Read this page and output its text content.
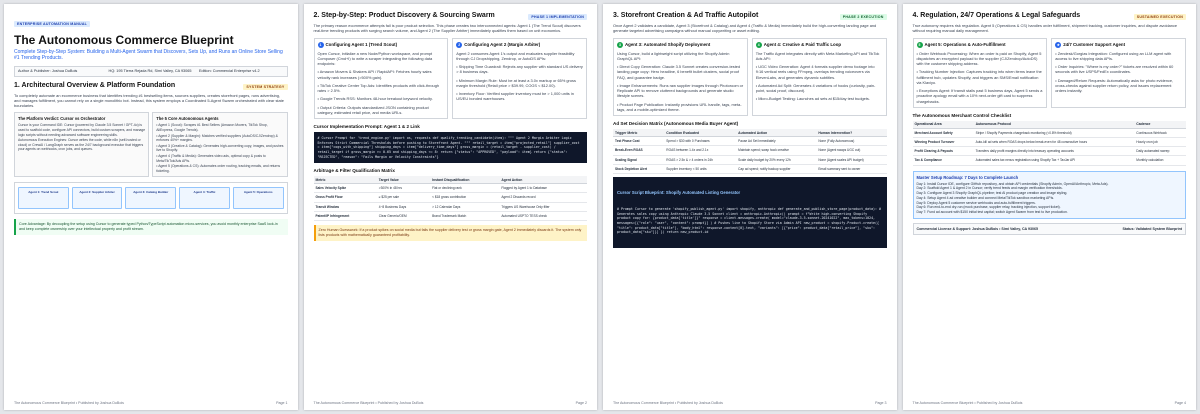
ENTERPRISE AUTOMATION MANUAL
The Autonomous Commerce Blueprint
Complete Step-by-Step System: Building a Multi-Agent Swarm that Discovers, Sets Up, and Runs an Online Store Selling #1 Trending Products.
Author & Publisher: Joshua DuBois	HQ: 195 Tierra Rejada Rd, Simi Valley, CA 93065	Edition: Commercial Enterprise v4.2
1. Architectural Overview & Platform Foundation	SYSTEM STRATEGY
To completely automate an ecommerce business that identifies trending #1 bestselling items, sources suppliers, creates storefront pages, runs advertising, and manages fulfillment, you cannot rely on a single monolithic bot. Instead, this system employs a Coordinated 5-Agent Swarm orchestrated with clear state boundaries.
The Platform Verdict: Cursor vs Orchestrator
Cursor is your Command IDE: Cursor (powered by Claude 3.5 Sonnet / GPT-4o) is used to scaffold code, configure API connectors, build custom scrapers, and manage logic scripts without needing advanced software engineering skills.
Autonomous Execution Engines: Cursor writes the code, while n8n (self-hosted or cloud) or CrewAI / LangGraph serves as the 24/7 background executor that triggers your agents on webhooks, cron jobs, and queues.
The 5 Core Autonomous Agents
• Agent 1 (Scout): Scrapes #1 Best Sellers (Amazon Movers, TikTok Shop, AliExpress, Google Trends).
• Agent 2 (Supplier & Margin): Matches verified suppliers (AutoDS/CJ/Zendrop) & enforces 40%+ margins.
• Agent 3 (Creative & Catalog): Generates high-converting copy, images, and pushes live to Shopify.
• Agent 4 (Traffic & Media): Generates video ads, optimal copy & posts to Meta/TikTok/Ads APIs.
• Agent 5 (Operations & CS): Automates order routing, tracking emails, and returns ticketing.
Agent 1: Trend Scout	Agent 2: Supplier Arbiter	Agent 3: Catalog Builder	Agent 4: Traffic	Agent 5: Operations
Core Advantage: By decoupling the setup using Cursor to generate typed Python/TypeScript automation micro-services, you avoid monthly enterprise SaaS lock-in and keep complete ownership over your intellectual property and profit stream.
The Autonomous Commerce Blueprint • Published by Joshua DuBois	Page 1
PHASE 1 IMPLEMENTATION
2. Step-by-Step: Product Discovery & Sourcing Swarm
The primary reason ecommerce attempts fail is poor product selection. This phase creates two interconnected agents: Agent 1 (The Trend Scout) discovers real-time trending products with surging search volume, and Agent 2 (The Supplier Arbiter) immediately qualifies them based on unit economics.
1 Configuring Agent 1 (Trend Scout)
Open Cursor, initialize a new Node/Python workspace, and prompt Composer (Cmd+I) to write a scraper integrating the following data endpoints:
• Amazon Movers & Shakers API / RapidAPI: Fetches hourly sales velocity rank increases (>500% gain).
• TikTok Creative Center Top Ads: Identifies products with click-through rates > 2.5%.
• Google Trends RSS: Monitors 48-hour breakout keyword velocity.
• Output Criteria: Outputs standardized JSON containing product category, estimated retail price, and media URLs.
2 Configuring Agent 2 (Margin Arbiter)
Agent 2 consumes Agent 1's output and evaluates supplier feasibility through CJ Dropshipping, Zendrop, or AutoDS APIs:
• Shipping Time Guardrail: Rejects any supplier with standard US delivery > 8 business days.
• Minimum Margin Rule: Must be at least a 3.0x markup or 65% gross margin threshold (Retail price > $39.99, COGS < $12.00).
• Inventory Floor: Verified supplier inventory must be > 1,000 units in US/EU bonded warehouses.
Cursor Implementation Prompt: Agent 1 & 2 Link
# Cursor Prompt for 'trend_engine.py' import os, requests def qualify_trending_candidate(item): """ Agent 2 Margin Arbiter Logic Enforces Strict Commercial Thresholds before pushing to Storefront Agent. """ retail_target = item["projected_retail"] supplier_cost = item["cogs_with_shipping"] shipping_days = item["delivery_time_days"] gross_margin = (retail_target - supplier_cost) / retail_target if gross_margin >= 0.65 and shipping_days <= 8: return {"status": "APPROVED", "payload": item} return {"status": "REJECTED", "reason": "Fails Margin or Velocity Constraints"}
Arbitrage & Filter Qualification Matrix
Metric	Target Value	Instant Disqualification	Agent Action
Sales Velocity Spike	>300% in 48 hrs	Flat or declining rank	Flagged by Agent 1 to Database
Gross Profit Floor	≥ $25 per sale	< $18 gross contribution	Agent 2 Discards record
Transit Window	4~8 Business Days	> 12 Calendar Days	Triggers US Warehouse Only filter
Patent/IP Infringement	Clear Generic/OEM	Brand Trademark Match	Automated USPTO TESS check
Zero Human Guesswork: If a product spikes on social media but fails the supplier delivery test or gross margin gate, Agent 2 immediately discards it. The system only lists products with mathematically guaranteed profitability.
The Autonomous Commerce Blueprint • Published by Joshua DuBois	Page 2
PHASE 2 EXECUTION
3. Storefront Creation & Ad Traffic Autopilot
Once Agent 2 validates a candidate, Agent 3 (Storefront & Catalog) and Agent 4 (Traffic & Media) immediately build the high-converting landing page and generate targeted advertising campaigns without manual copywriting or asset editing.
3 Agent 3: Automated Shopify Deployment
Using Cursor, build a lightweight script utilizing the Shopify Admin GraphQL API:
• Direct Copy Generation: Claude 3.5 Sonnet creates conversion-tested landing page copy: Hero headline, 6 benefit bullet clusters, social proof FAQ, and guarantee badge.
• Image Enhancements: Runs raw supplier images through Photoroom or Replicate API to remove cluttered backgrounds and generate studio lifestyle scenes.
• Product Page Publication: Instantly provisions URL handle, tags, meta-tags, and a mobile-optimized theme.
4 Agent 4: Creative & Paid Traffic Loop
The Traffic Agent integrates directly with Meta Marketing API and TikTok Ads API:
• UGC Video Generation: Agent 4 formats supplier demo footage into 9:16 vertical reels using FFmpeg, overlays trending voiceovers via ElevenLabs, and generates dynamic subtitles.
• Automated Ad Split: Generates 4 variations of hooks (curiosity, pain-point, social proof, discount).
• Micro-Budget Testing: Launches ad sets at $15/day test budgets.
Ad Set Decision Matrix (Autonomous Media Buyer Agent)
Trigger Metric	Condition Evaluated	Automated Action	Human Intervention?
Test Phase Cost	Spend > $30 with 0 Purchases	Pause Ad Set Immediately	None (Fully Autonomous)
Break-Even ROAS	ROAS between 1.4x and 2.1x	Maintain spend; swap hook creative	None (Agent swaps UGC cut)
Scaling Signal	ROAS > 2.5x & > 4 orders in 24h	Scale daily budget by 20% every 12h	None (Agent scales API budget)
Stock Depletion Alert	Supplier inventory < 50 units	Cap ad spend; notify backup supplier	Email summary sent to owner

Cursor Script Blueprint: Shopify Automated Listing Generator

# Prompt Cursor to generate 'shopify_publish_agent.py' import shopify, anthropic def generate_and_publish_store_page(product_data): # Generates sales copy using Anthropic Claude 3.5 Sonnet client = anthropic.Anthropic() prompt = f"Write high-converting Shopify product copy for: {product_data['title']}" response = client.messages.create( model="claude-3-5-sonnet-20241022", max_tokens=1024, messages=[{"role": "user", "content": prompt}] ) # Pushes live to Shopify Store via Admin API new_product = shopify.Product.create({ "title": product_data["title"], "body_html": response.content[0].text, "variants": [{"price": product_data["retail_price"], "sku": product_data["sku"]}] }) return new_product.id

The Autonomous Commerce Blueprint • Published by Joshua DuBois	Page 3
SUSTAINED EXECUTION
4. Regulation, 24/7 Operations & Legal Safeguards
True autonomy requires risk regulation. Agent 5 (Operations & CS) handles order fulfillment, shipment tracking, customer inquiries, and dispute avoidance without requiring manual daily management.
5 Agent 5: Operations & Auto-Fulfillment
• Order Webhook Processing: When an order is paid on Shopify, Agent 5 dispatches an encrypted payload to the supplier (CJ/Zendrop/AutoDS) with the customer shipping address.
• Tracking Number Injection: Captures tracking info when items leave the fulfillment hub, updates Shopify, and triggers an SMS/Email notification via Klaviyo.
• Exceptions Agent: If transit stalls past 5 business days, Agent 5 sends a proactive apology email with a 10% next-order gift card to suppress chargebacks.
★ 24/7 Customer Support Agent
• Zendesk/Gorgias Integration: Configured using an LLM agent with access to live shipping data APIs.
• Order Inquiries: "Where is my order?" tickets are resolved within 60 seconds with live USPS/FedEx coordinates.
• Damaged/Return Requests: Automatically asks for photo evidence, cross-checks against supplier return policy, and issues replacement orders instantly.
The Autonomous Merchant Control Checklist
Operational Area	Autonomous Protocol	Cadence
Merchant Account Safety	Stripe / Shopify Payments chargeback monitoring (<0.8% threshold)	Continuous Webhook
Winning Product Turnover	Auto-kill ad sets when ROAS drops below break-even for 48 consecutive hours	Hourly cron job
Profit Clearing & Payouts	Transfers daily profit margins directly into treasury operating accounts	Daily automated sweep
Tax & Compliance	Automated sales tax nexus registration using Shopify Tax + TaxJar API	Monthly calculation
Master Setup Roadmap: 7 Days to Complete Launch
Day 1: Install Cursor IDE, configure GitHub repository, and obtain API credentials (Shopify Admin, OpenAI/Anthropic, Meta Ads).
Day 2: Scaffold Agent 1 & Agent 2 in Cursor; verify trend feeds and margin verification thresholds.
Day 3: Configure Agent 3 Shopify GraphQL pipeline; test AI product page creation and image styling.
Day 4: Setup Agent 4 ad creative builder and connect Meta/TikTok sandbox marketing APIs.
Day 5: Deploy Agent 5 customer service webhooks and auto-fulfillment triggers.
Day 6: Run end-to-end dry-run (mock purchase, supplier relay, tracking injection, support ticket).
Day 7: Fund ad account with $150 initial test capital; switch Agent Swarm from test to live production.
Commercial License & Support: Joshua DuBois • Simi Valley, CA 93065	Status: Validated System Blueprint
The Autonomous Commerce Blueprint • Published by Joshua DuBois	Page 4
